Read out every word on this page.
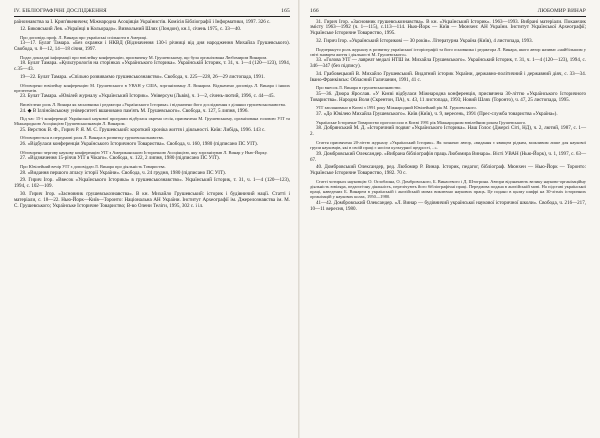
IV. БІБЛІОГРАФІЧНІ ДОСЛІДЖЕННЯ	165

раїнознавства за І. Крип'якевичем; Міжнародна Асоціяція Українистів. Комісія Бібліографії і Інформатики, 1997. 326 с.

12. Биковський Лев. «Українці в Кольорадо». Визвольний Шлях (Лондон), кн.1, січень 1975, с. 33—40.

Про доповідь проф. Л. Винара про українські спільноти в Америці.

13—17. Булат Тамара. «Без охранки і НКВД (Відзначення 130-ї річниці від дня народження Михайла Грушевського). Свобода, ч. 8—12, 14—18 січня, 1997.

Подає докладні інформації про ювілейну конференцію, присвячену М. Грушевському, що була організована Любомиром Винаром.

18. Булат Тамара. «Культурологія на сторінках «Українського Історика». Українській Історик, т. 31, ч. 1—4 (120—123), 1994, с.35—43.

19—22. Булат Тамара. «Спільно розвиваємо грушевськознавство». Свобода, ч. 225—228, 26—29 листопада, 1991.

Обговорено ювілейну конференцію М. Грушевського в УВАН у США, зорганізовану Л. Винаром. Відзначено доповідь Л. Винара і інших прелегентів.

23. Булат Тамара. «Ювілей журналу «Український Історик». Універсум (Львів), ч. 1—2, січень-лютий, 1996, с. 44—45.

Висвітлено роль Л. Винара як засновника і редактора «Українського Історика» і відзначено його дослідження з ділянки грушевськознавства.

24. ◆ В Ілліноївському університеті вшановано пам'ять М. Грушевського». Свобода, ч. 127, 5 липня, 1996.

Під час 15-ї конференції Української наукової програми відбулася окрема сесія, присвячена М. Грушевському, організована головою УІТ та Міжнародною Асоціяцією Грушевськознавців Л. Винаром.

25. Верстюк В. Ф., Гирич Р. Я. М. С. Грушевський: короткий хроніка життя і діяльності. Київ: Либідь, 1996. 143 с.

Обговорюється в передмові роля Л. Винара в розвитку грушевськознавства.

26. «Відбулася конференція Українського Історичного Товариства». Свобода, ч. 160, 1980 (підписано ПС УІТ).

Обговорено чергову наукову конференцію УІТ з Американською Історичною Асоціяцією, яку зорганізував Л. Винар у Нью-Йорку.

27. «Відзначення 15-річчя УІТ в Чікаго». Свобода, ч. 122, 2 липня, 1980 (підписано ПС УІТ).

Про Ювілейний вечір УІТ з доповіддю Л. Винара про діяльність Товариства.

28. «Видання першого атласу історії України». Свобода, ч. 24 грудня, 1980 (підписано ПС УІТ).

29. Гирич Ігор. «Ввесок «Українського Історика» в грушевськознавство». Український Історик, т. 31, ч. 1—4 (120—123), 1994, с. 102—109.

30. Гирич Ігор. «Засновник грушевськознавства». В кн. Михайло Грушевський: історик і будівничий нації. Статті і матеріали, с. 18—22. Нью-Йорк—Київ—Торонто: Національна АН України. Інститут Археографії ім. Джерелознавства ім. М. С. Грушевського; Українське Історичне Товариство; В-во Олени Теліги, 1995, 302 с. і іл.

166	ЛЮБОМИР ВИНАР

31. Гирич Ігор. «Засновник грушевськознавства». В кн. «Український Історик». 1963—1993. Вибрані матеріали. Покажчик змісту 1963—1992 (ч. 1—115), с.113—114. Нью-Йорк — Київ — Мюнхен: АН України. Інститут Української Археографії; Українське Історичне Товариство, 1995.

32. Гирич Ігор. «Український Історикові — 30 років». Літературна Україна (Київ), 4 листопада, 1993.

Подчеркнуто роль журналу в розвитку української історіографії та його основника і редактора Л. Винара, якого автор називає «найбільшим у світі знавцем життя і діяльності М. Грушевського».

33. «Голова УІТ — лавреат медалі НТШ ім. Михайла Грушевського». Український Історик, т. 31, ч. 1—4 (120—123), 1994, с. 346—347 (без підпису).

34. Грабовецький В. Михайло Грушевський. Видатний історик України, державно-політичний і державний діяч, с. 33—34. Івано-Франківськ: Обласний Галичанин, 1991, 41 с.

Про внесок Л. Винара в грушевськознавство.

35—36. Дзюра Ярослав. «У Києві відбулася Міжнародна конференція, присвячена 30-літтю «Українського Історичного Товариства». Народна Воля (Скрентон, ПА), ч. 43, 11 листопада, 1993; Новий Шлях (Торонто), ч. 47, 25 листопада, 1995.

УІТ заплановано в Києві з 1991 року Міжнародний Ювілейний рік М. Грушевського.

37. «До Ювілею Михайла Грушевського». Київ (Київ), ч. 9, вересень, 1991 (Прес-служба товариства «Україна»).

Українське Історичне Товариство проголосило в Києві 1991 рік Міжнародним ювілейним роком Грушевського.

38. Добрянський М. Д. «Історичний подвиг «Українського Історика». Наш Голос (Джерсі Сіті, НД), ч. 2, лютий, 1987, с. 1—2.

Стаття присвячена 20-літтю журналу «Український Історик». Як зазначає автор, «видання є явищем рідким, можливим лише для наукової групи науковців, які в своїй праці є носієм культурної щедрості, ..».

39. Домбровський Олександер. «Вибрана бібліографія праць Любомира Винара». Вісті УВАН (Нью-Йорк), ч. 1, 1997, с. 63—67.

40. Домбровський Олександер, ред. Любомир Р. Винар. Історик, педагог, бібліограф. Мюнхен — Нью-Йорк — Торонто: Українське Історичне Товариство, 1982. 70 с.

Статті чотирьох науковців: О. Оглоблина, О. Домбровського, Б. Винасевого і Д. Штогрина. Автори відзначають велику науково-організаційну діяльність ювіляра, педагогічну діяльність, перелічують його бібліографічні праці. Передмова подана в англійській мові. На підставі української праці, наведених Б. Винарем в українській і англійській мовах виключно наукових праць. Це подано в цьому шифрі на 30-літніх історичних організацій у наукових колах, 1950—1980.

41—42. Домбровський Олександер. «Л. Винар — будівничий української наукової історичної школи». Свобода, ч. 216—217, 10—11 вересня, 1980.
